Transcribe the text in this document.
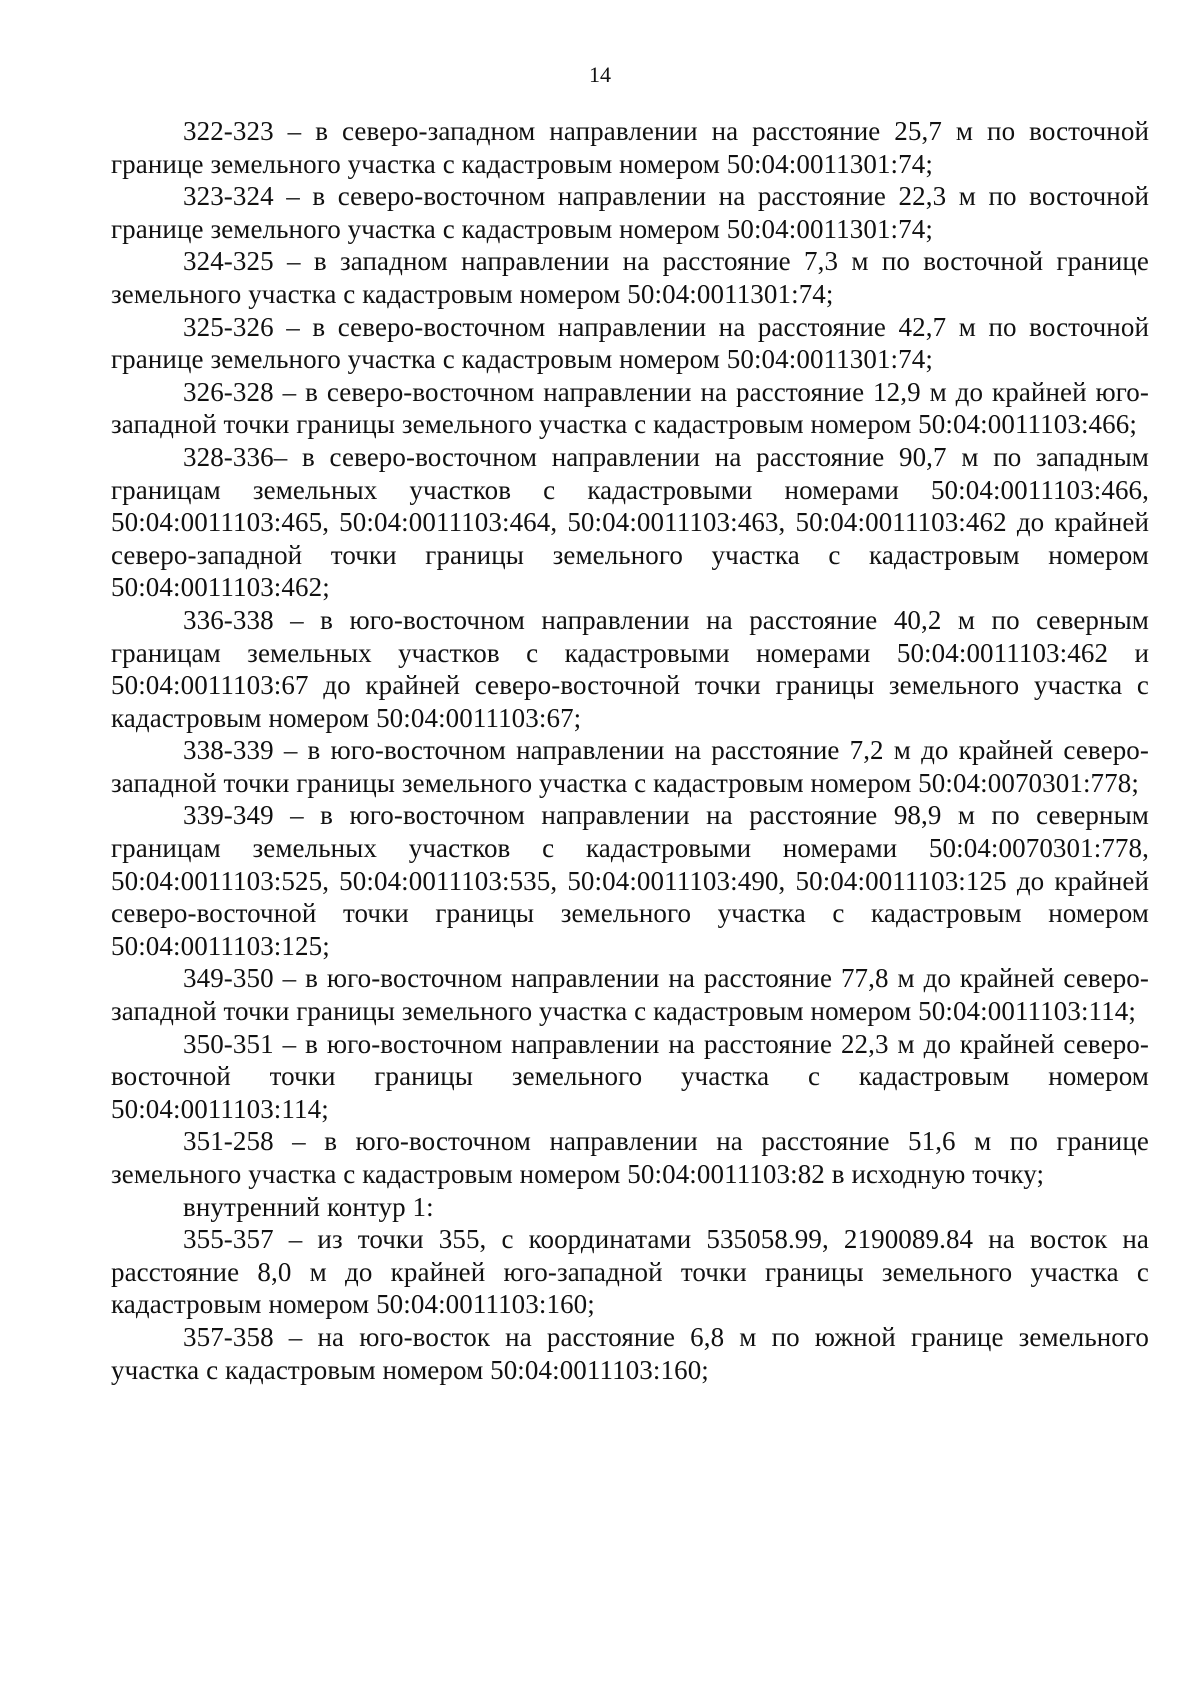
14

322-323 – в северо-западном направлении на расстояние 25,7 м по восточной границе земельного участка с кадастровым номером 50:04:0011301:74;

323-324 – в северо-восточном направлении на расстояние 22,3 м по восточной границе земельного участка с кадастровым номером 50:04:0011301:74;

324-325 – в западном направлении на расстояние 7,3 м по восточной границе земельного участка с кадастровым номером 50:04:0011301:74;

325-326 – в северо-восточном направлении на расстояние 42,7 м по восточной границе земельного участка с кадастровым номером 50:04:0011301:74;

326-328 – в северо-восточном направлении на расстояние 12,9 м до крайней юго-западной точки границы земельного участка с кадастровым номером 50:04:0011103:466;

328-336– в северо-восточном направлении на расстояние 90,7 м по западным границам земельных участков с кадастровыми номерами 50:04:0011103:466, 50:04:0011103:465, 50:04:0011103:464, 50:04:0011103:463, 50:04:0011103:462 до крайней северо-западной точки границы земельного участка с кадастровым номером 50:04:0011103:462;

336-338 – в юго-восточном направлении на расстояние 40,2 м по северным границам земельных участков с кадастровыми номерами 50:04:0011103:462 и 50:04:0011103:67 до крайней северо-восточной точки границы земельного участка с кадастровым номером 50:04:0011103:67;

338-339 – в юго-восточном направлении на расстояние 7,2 м до крайней северо-западной точки границы земельного участка с кадастровым номером 50:04:0070301:778;

339-349 – в юго-восточном направлении на расстояние 98,9 м по северным границам земельных участков с кадастровыми номерами 50:04:0070301:778, 50:04:0011103:525, 50:04:0011103:535, 50:04:0011103:490, 50:04:0011103:125 до крайней северо-восточной точки границы земельного участка с кадастровым номером 50:04:0011103:125;

349-350 – в юго-восточном направлении на расстояние 77,8 м до крайней северо-западной точки границы земельного участка с кадастровым номером 50:04:0011103:114;

350-351 – в юго-восточном направлении на расстояние 22,3 м до крайней северо-восточной точки границы земельного участка с кадастровым номером 50:04:0011103:114;

351-258 – в юго-восточном направлении на расстояние 51,6 м по границе земельного участка с кадастровым номером 50:04:0011103:82 в исходную точку;

внутренний контур 1:

355-357 – из точки 355, с координатами 535058.99, 2190089.84 на восток на расстояние 8,0 м до крайней юго-западной точки границы земельного участка с кадастровым номером 50:04:0011103:160;

357-358 – на юго-восток на расстояние 6,8 м по южной границе земельного участка с кадастровым номером 50:04:0011103:160;
